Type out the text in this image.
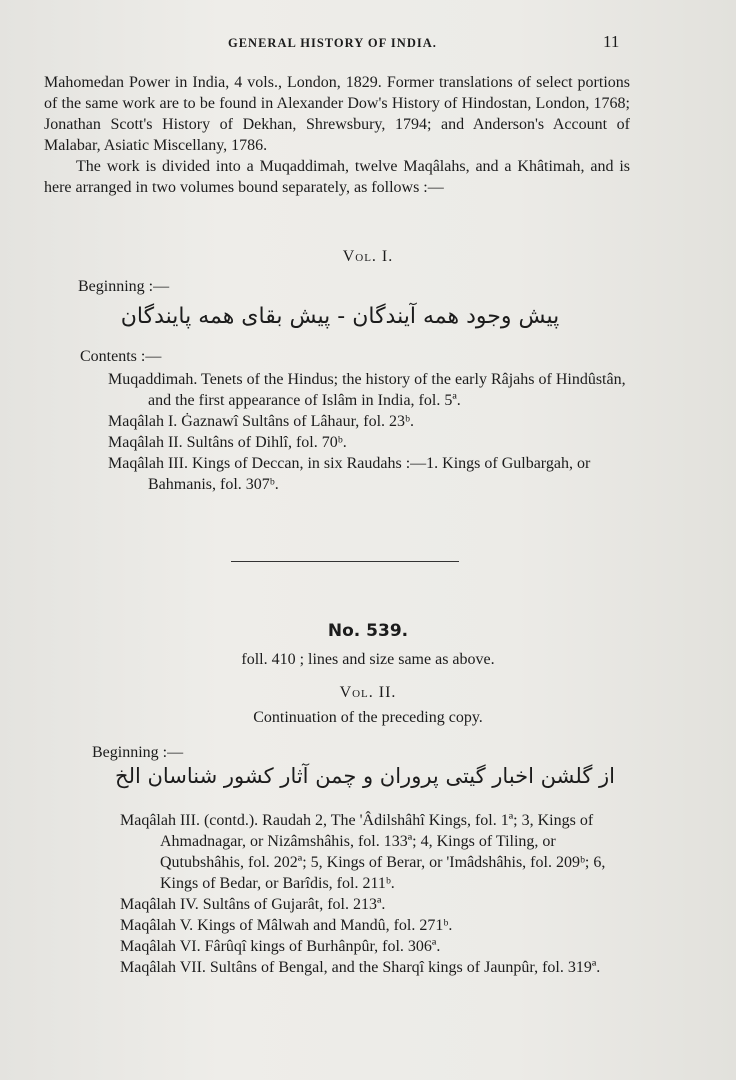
GENERAL HISTORY OF INDIA.	11

Mahomedan Power in India, 4 vols., London, 1829. Former translations of select portions of the same work are to be found in Alexander Dow's History of Hindostan, London, 1768; Jonathan Scott's History of Dekhan, Shrewsbury, 1794; and Anderson's Account of Malabar, Asiatic Miscellany, 1786.

The work is divided into a Muqaddimah, twelve Maqâlahs, and a Khâtimah, and is here arranged in two volumes bound separately, as follows :—

Vol. I.
Beginning :—
پیش وجود همه آیندگان - پیش بقای همه پایندگان
Contents :—

Muqaddimah. Tenets of the Hindus; the history of the early Râjahs of Hindûstân, and the first appearance of Islâm in India, fol. 5ª.

Maqâlah I. Ġaznawî Sultâns of Lâhaur, fol. 23ᵇ.

Maqâlah II. Sultâns of Dihlî, fol. 70ᵇ.

Maqâlah III. Kings of Deccan, in six Raudahs :—1. Kings of Gulbargah, or Bahmanis, fol. 307ᵇ.

No. 539.
foll. 410 ; lines and size same as above.
Vol. II.
Continuation of the preceding copy.
Beginning :—
از گلشن اخبار گیتی پروران و چمن آثار کشور شناسان الخ

Maqâlah III. (contd.). Raudah 2, The 'Âdilshâhî Kings, fol. 1ª; 3, Kings of Ahmadnagar, or Nizâmshâhis, fol. 133ª; 4, Kings of Tiling, or Qutubshâhis, fol. 202ª; 5, Kings of Berar, or 'Imâdshâhis, fol. 209ᵇ; 6, Kings of Bedar, or Barîdis, fol. 211ᵇ.

Maqâlah IV. Sultâns of Gujarât, fol. 213ª.

Maqâlah V. Kings of Mâlwah and Mandû, fol. 271ᵇ.

Maqâlah VI. Fârûqî kings of Burhânpûr, fol. 306ª.

Maqâlah VII. Sultâns of Bengal, and the Sharqî kings of Jaunpûr, fol. 319ª.
